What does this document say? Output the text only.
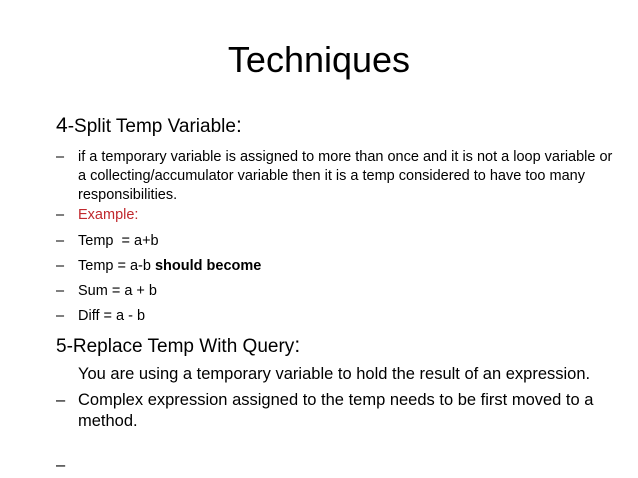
Techniques
4-Split Temp Variable:
– if a temporary variable is assigned to more than once and it is not a loop variable or a collecting/accumulator variable then it is a temp considered to have too many responsibilities.
– Example:
– Temp  = a+b
– Temp = a-b should become
– Sum = a + b
– Diff = a - b
5-Replace Temp With Query:
You are using a temporary variable to hold the result of an expression.
– Complex expression assigned to the temp needs to be first moved to a method.
–
